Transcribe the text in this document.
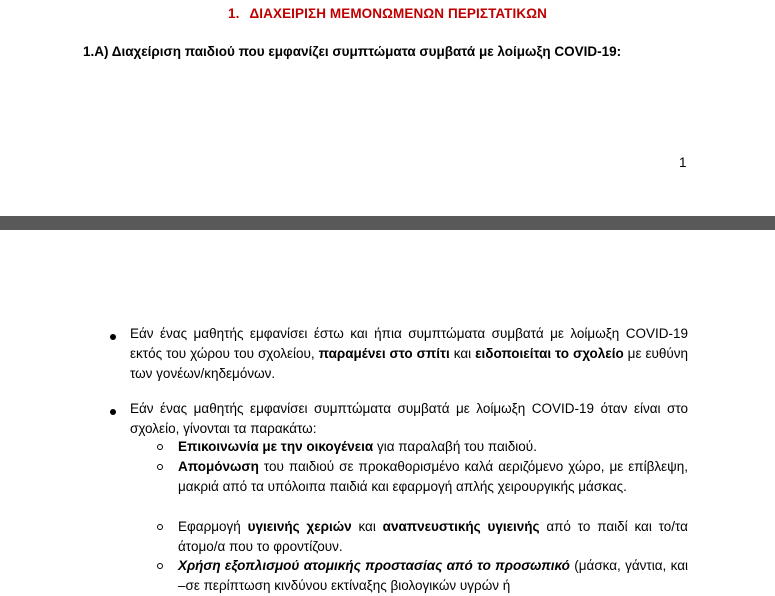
1. ΔΙΑΧΕΙΡΙΣΗ ΜΕΜΟΝΩΜΕΝΩΝ ΠΕΡΙΣΤΑΤΙΚΩΝ
1.Α) Διαχείριση παιδιού που εμφανίζει συμπτώματα συμβατά με λοίμωξη COVID-19:
1
Εάν ένας μαθητής εμφανίσει έστω και ήπια συμπτώματα συμβατά με λοίμωξη COVID-19 εκτός του χώρου του σχολείου, παραμένει στο σπίτι και ειδοποιείται το σχολείο με ευθύνη των γονέων/κηδεμόνων.
Εάν ένας μαθητής εμφανίσει συμπτώματα συμβατά με λοίμωξη COVID-19 όταν είναι στο σχολείο, γίνονται τα παρακάτω:
Επικοινωνία με την οικογένεια για παραλαβή του παιδιού.
Απομόνωση του παιδιού σε προκαθορισμένο καλά αεριζόμενο χώρο, με επίβλεψη, μακριά από τα υπόλοιπα παιδιά και εφαρμογή απλής χειρουργικής μάσκας.
Εφαρμογή υγιεινής χεριών και αναπνευστικής υγιεινής από το παιδί και το/τα άτομο/α που το φροντίζουν.
Χρήση εξοπλισμού ατομικής προστασίας από το προσωπικό (μάσκα, γάντια, και –σε περίπτωση κινδύνου εκτίναξης βιολογικών υγρών ή
